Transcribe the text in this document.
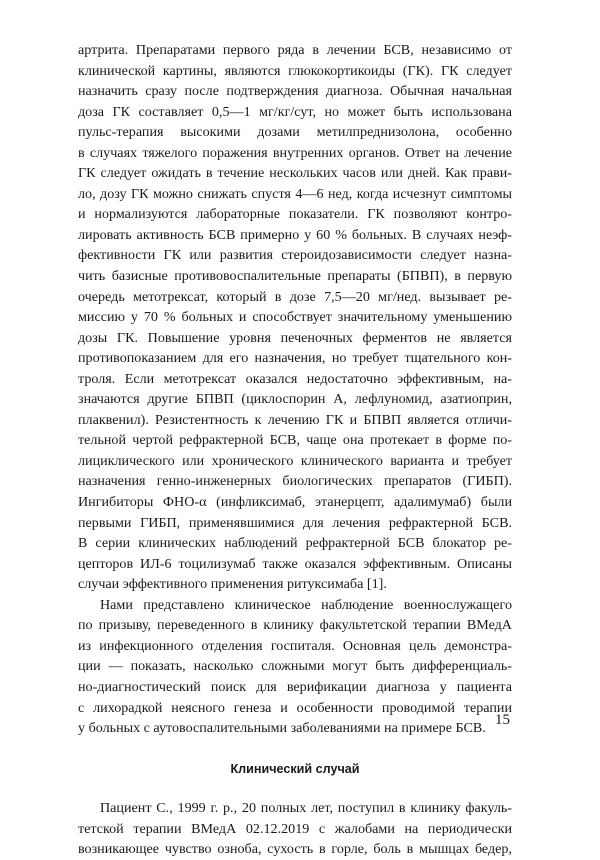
артрита. Препаратами первого ряда в лечении БСВ, независимо от
клинической картины, являются глюкокортикоиды (ГК). ГК следует
назначить сразу после подтверждения диагноза. Обычная начальная
доза ГК составляет 0,5—1 мг/кг/сут, но может быть использована
пульс-терапия высокими дозами метилпреднизолона, особенно
в случаях тяжелого поражения внутренних органов. Ответ на лечение
ГК следует ожидать в течение нескольких часов или дней. Как прави-
ло, дозу ГК можно снижать спустя 4—6 нед, когда исчезнут симптомы
и нормализуются лабораторные показатели. ГК позволяют контро-
лировать активность БСВ примерно у 60 % больных. В случаях неэф-
фективности ГК или развития стероидозависимости следует назна-
чить базисные противовоспалительные препараты (БПВП), в первую
очередь метотрексат, который в дозе 7,5—20 мг/нед. вызывает ре-
миссию у 70 % больных и способствует значительному уменьшению
дозы ГК. Повышение уровня печеночных ферментов не является
противопоказанием для его назначения, но требует тщательного кон-
троля. Если метотрексат оказался недостаточно эффективным, на-
значаются другие БПВП (циклоспорин А, лефлуномид, азатиоприн,
плаквенил). Резистентность к лечению ГК и БПВП является отличи-
тельной чертой рефрактерной БСВ, чаще она протекает в форме по-
лициклического или хронического клинического варианта и требует
назначения генно-инженерных биологических препаратов (ГИБП).
Ингибиторы ФНО-α (инфликсимаб, этанерцепт, адалимумаб) были
первыми ГИБП, применявшимися для лечения рефрактерной БСВ.
В серии клинических наблюдений рефрактерной БСВ блокатор ре-
цепторов ИЛ-6 тоцилизумаб также оказался эффективным. Описаны
случаи эффективного применения ритуксимаба [1].
Нами представлено клиническое наблюдение военнослужащего
по призыву, переведенного в клинику факультетской терапии ВМедА
из инфекционного отделения госпиталя. Основная цель демонстра-
ции — показать, насколько сложными могут быть дифференциаль-
но-диагностический поиск для верификации диагноза у пациента
с лихорадкой неясного генеза и особенности проводимой терапии
у больных с аутовоспалительными заболеваниями на примере БСВ.
Клинический случай
Пациент С., 1999 г. р., 20 полных лет, поступил в клинику факуль-
тетской терапии ВМедА 02.12.2019 с жалобами на периодически
возникающее чувство озноба, сухость в горле, боль в мышцах бедер,
15
